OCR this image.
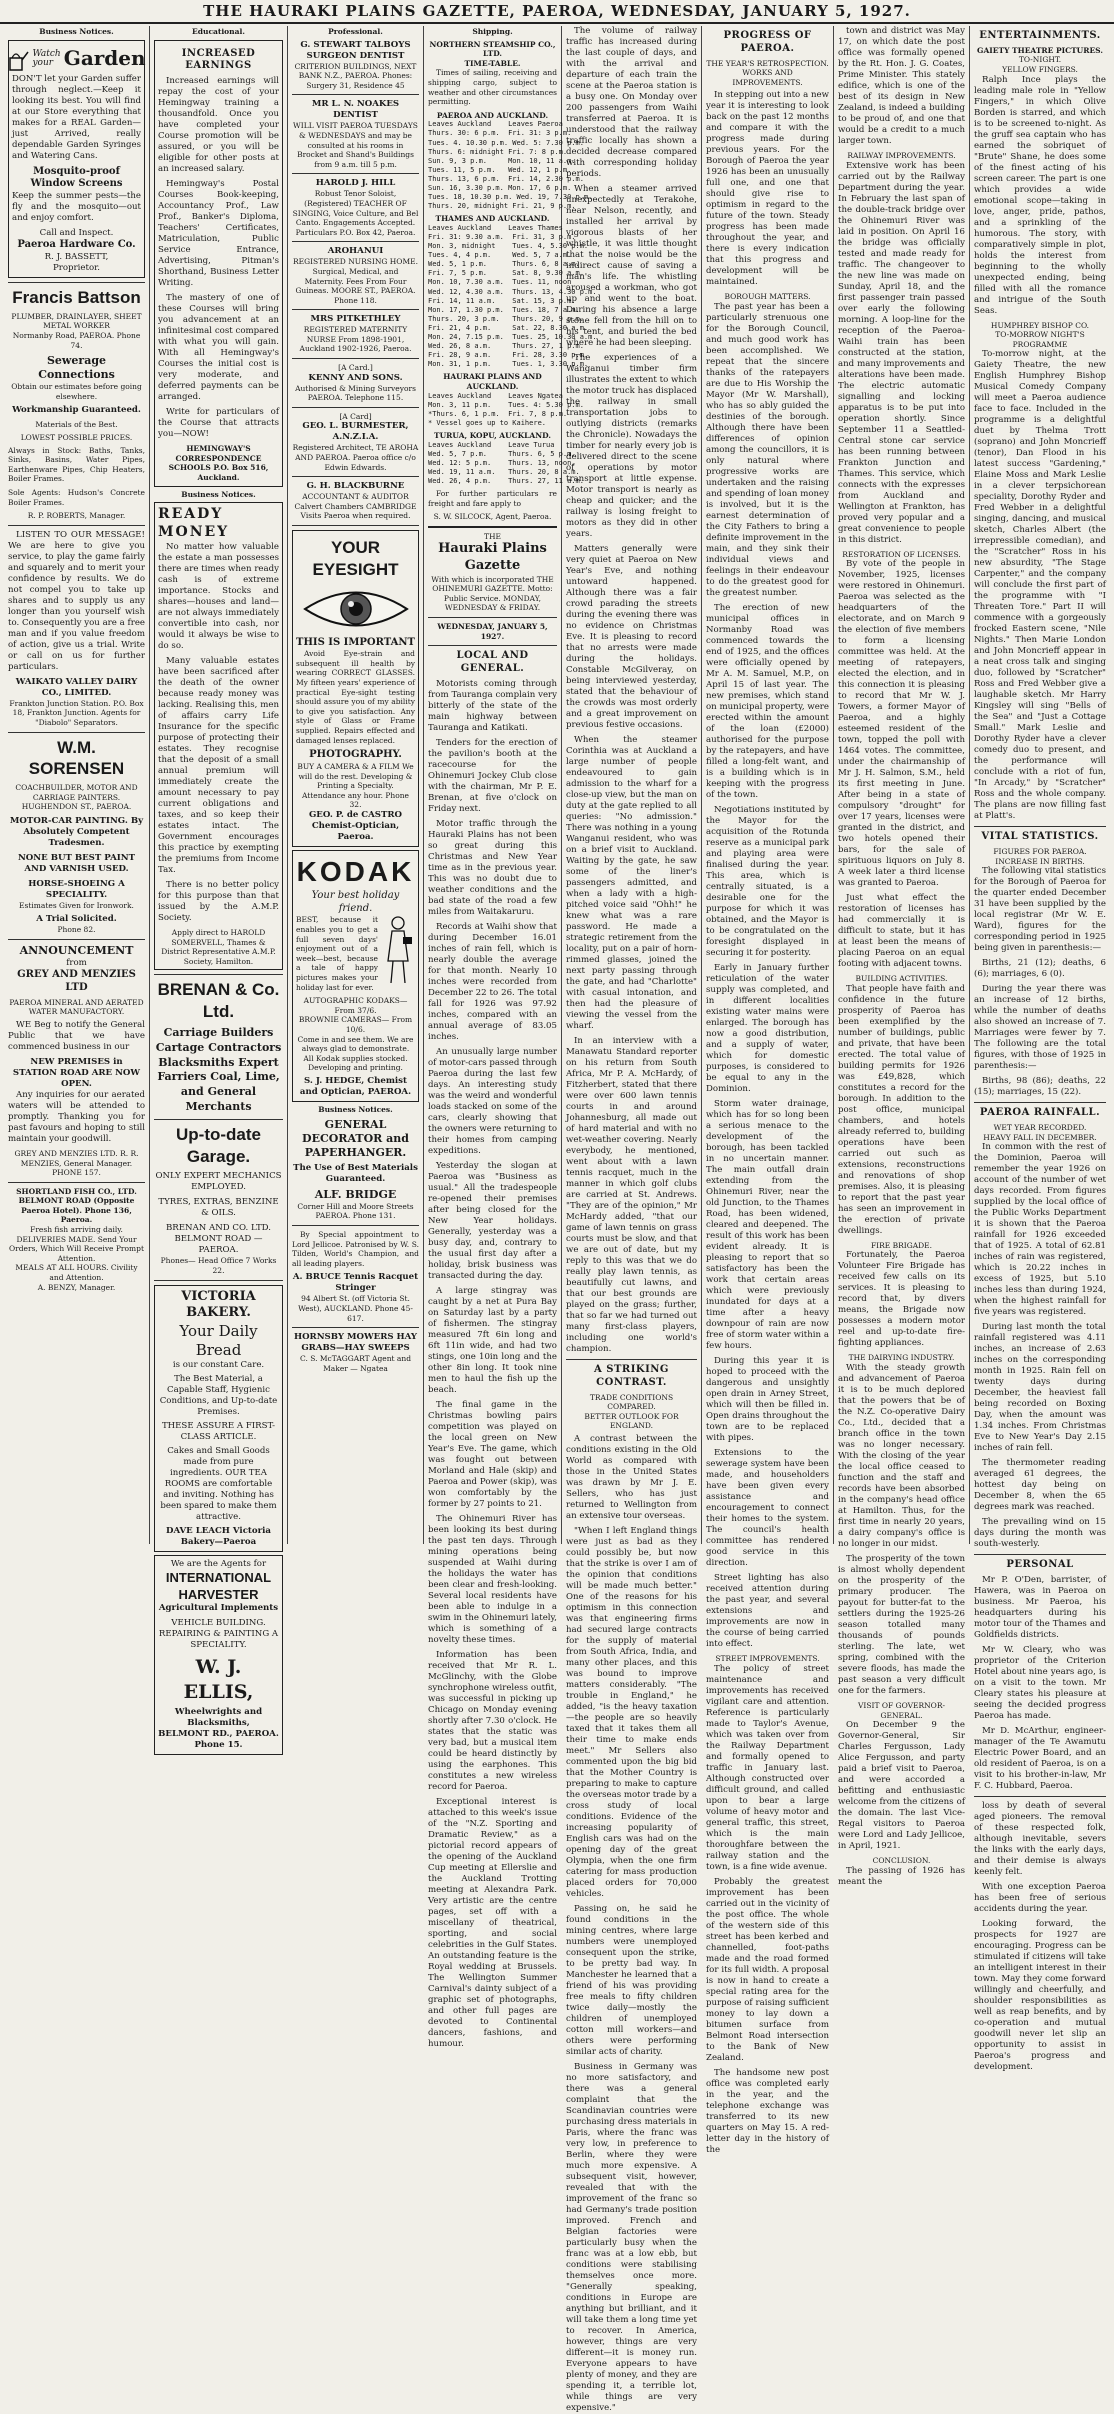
THE HAURAKI PLAINS GAZETTE, PAEROA, WEDNESDAY, JANUARY 5, 1927.
Business Notices.
Watch
your Garden

DON'T let your Garden suffer through neglect.—Keep it looking its best. You will find at our Store everything that makes for a REAL Garden—just Arrived, really dependable Garden Syringes and Watering Cans.

Mosquito-proof Window Screens

Keep the summer pests—the fly and the mosquito—out and enjoy comfort.

Call and Inspect.
Paeroa Hardware Co.
R. J. BASSETT,
Proprietor.
Francis Battson
PLUMBER, DRAINLAYER, SHEET METAL WORKER
Normanby Road, PAEROA. Phone 74.
Sewerage Connections
Obtain our estimates before going elsewhere.
Workmanship Guaranteed.
Materials of the Best.
LOWEST POSSIBLE PRICES.

Always in Stock: Baths, Tanks, Sinks, Basins, Water Pipes, Earthenware Pipes, Chip Heaters, Boiler Frames.

Sole Agents: Hudson's Concrete Boiler Frames.

R. P. ROBERTS, Manager.

LISTEN TO OUR MESSAGE! We are here to give you service, to play the game fairly and squarely and to merit your confidence by results. We do not compel you to take up shares and to supply us any longer than you yourself wish to. Consequently you are a free man and if you value freedom of action, give us a trial. Write or call on us for further particulars.

WAIKATO VALLEY DAIRY CO., LIMITED.
Frankton Junction Station. P.O. Box 18, Frankton Junction. Agents for "Diabolo" Separators.
W.M. SORENSEN
COACHBUILDER, MOTOR AND CARRIAGE PAINTERS. HUGHENDON ST., PAEROA.
MOTOR-CAR PAINTING. By Absolutely Competent Tradesmen.
NONE BUT BEST PAINT AND VARNISH USED.
HORSE-SHOEING A SPECIALITY.
Estimates Given for Ironwork.
A Trial Solicited.
Phone 82.
ANNOUNCEMENT
from
GREY AND MENZIES LTD
PAEROA MINERAL AND AERATED WATER MANUFACTORY.

WE Beg to notify the General Public that we have commenced business in our

NEW PREMISES in STATION ROAD ARE NOW OPEN.

Any inquiries for our aerated waters will be attended to promptly. Thanking you for past favours and hoping to still maintain your goodwill.

GREY AND MENZIES LTD. R. R. MENZIES, General Manager.
PHONE 157.
SHORTLAND FISH CO., LTD. BELMONT ROAD (Opposite Paeroa Hotel). Phone 136, Paeroa.
Fresh fish arriving daily. DELIVERIES MADE. Send Your Orders, Which Will Receive Prompt Attention.
MEALS AT ALL HOURS. Civility and Attention.
A. BENZY, Manager.
Educational.
INCREASED EARNINGS

Increased earnings will repay the cost of your Hemingway training a thousandfold. Once you have completed your Course promotion will be assured, or you will be eligible for other posts at an increased salary.

Hemingway's Postal Courses Book-keeping, Accountancy Prof., Law Prof., Banker's Diploma, Teachers' Certificates, Matriculation, Public Service Entrance, Advertising, Pitman's Shorthand, Business Letter Writing.

The mastery of one of these Courses will bring you advancement at an infinitesimal cost compared with what you will gain. With all Hemingway's Courses the initial cost is very moderate, and deferred payments can be arranged.

Write for particulars of the Course that attracts you—NOW!

HEMINGWAY'S CORRESPONDENCE SCHOOLS P.O. Box 516, Auckland.
Business Notices.
READY MONEY

No matter how valuable the estate a man possesses there are times when ready cash is of extreme importance. Stocks and shares—houses and land—are not always immediately convertible into cash, nor would it always be wise to do so.

Many valuable estates have been sacrificed after the death of the owner because ready money was lacking. Realising this, men of affairs carry Life Insurance for the specific purpose of protecting their estates. They recognise that the deposit of a small annual premium will immediately create the amount necessary to pay current obligations and taxes, and so keep their estates intact. The Government encourages this practice by exempting the premiums from Income Tax.

There is no better policy for this purpose than that issued by the A.M.P. Society.

Apply direct to HAROLD SOMERVELL, Thames & District Representative A.M.P. Society, Hamilton.
BRENAN & Co. Ltd.
Carriage Builders Cartage Contractors Blacksmiths Expert Farriers Coal, Lime, and General Merchants
Up-to-date Garage.
ONLY EXPERT MECHANICS EMPLOYED.
TYRES, EXTRAS, BENZINE & OILS.
BRENAN AND CO. LTD. BELMONT ROAD — PAEROA.
Phones— Head Office 7 Works 22.
VICTORIA BAKERY.
Your Daily Bread
is our constant Care.
The Best Material, a Capable Staff, Hygienic Conditions, and Up-to-date Premises.
THESE ASSURE A FIRST-CLASS ARTICLE.
Cakes and Small Goods made from pure ingredients. OUR TEA ROOMS are comfortable and inviting. Nothing has been spared to make them attractive.
DAVE LEACH Victoria Bakery—Paeroa
We are the Agents for
INTERNATIONAL HARVESTER
Agricultural Implements
VEHICLE BUILDING. REPAIRING & PAINTING A SPECIALITY.
W. J. ELLIS,
Wheelwrights and Blacksmiths,
BELMONT RD., PAEROA. Phone 15.
Professional.
G. STEWART TALBOYS SURGEON DENTIST
CRITERION BUILDINGS, NEXT BANK N.Z., PAEROA. Phones: Surgery 31, Residence 45
MR L. N. NOAKES DENTIST
WILL VISIT PAEROA TUESDAYS & WEDNESDAYS and may be consulted at his rooms in Brocket and Shand's Buildings from 9 a.m. till 5 p.m.
HAROLD J. HILL
Robust Tenor Soloist, (Registered) TEACHER OF SINGING, Voice Culture, and Bel Canto. Engagements Accepted. Particulars P.O. Box 42, Paeroa.
AROHANUI
REGISTERED NURSING HOME. Surgical, Medical, and Maternity. Fees From Four Guineas. MOORE ST., PAEROA. Phone 118.
MRS PITKETHLEY
REGISTERED MATERNITY NURSE From 1898-1901, Auckland 1902-1926, Paeroa.
[A Card.]
KENNY AND SONS.
Authorised & Mining Surveyors PAEROA. Telephone 115.
[A Card]
GEO. L. BURMESTER, A.N.Z.I.A.
Registered Architect, TE AROHA AND PAEROA. Paeroa office c/o Edwin Edwards.
G. H. BLACKBURNE
ACCOUNTANT & AUDITOR Calvert Chambers CAMBRIDGE Visits Paeroa when required.
YOUR EYESIGHT
THIS IS IMPORTANT

Avoid Eye-strain and subsequent ill health by wearing CORRECT GLASSES. My fifteen years' experience of practical Eye-sight testing should assure you of my ability to give you satisfaction. Any style of Glass or Frame supplied. Repairs effected and damaged lenses replaced.

PHOTOGRAPHY.
BUY A CAMERA & A FILM We will do the rest. Developing & Printing a Specialty. Attendance any hour. Phone 32.
GEO. P. de CASTRO Chemist-Optician, Paeroa.
KODAK
Your best holiday friend.

BEST, because it enables you to get a full seven days' enjoyment out of a week—best, because a tale of happy pictures makes your holiday last for ever.

AUTOGRAPHIC KODAKS— From 37/6.
BROWNIE CAMERAS— From 10/6.
Come in and see them. We are always glad to demonstrate. All Kodak supplies stocked. Developing and printing.
S. J. HEDGE, Chemist and Optician, PAEROA.
Business Notices.
GENERAL DECORATOR and PAPERHANGER.
The Use of Best Materials Guaranteed.
ALF. BRIDGE
Corner Hill and Moore Streets PAEROA. Phone 131.

By Special appointment to Lord Jellicoe. Patronised by W. S. Tilden, World's Champion, and all leading players.

A. BRUCE Tennis Racquet Stringer
94 Albert St. (off Victoria St. West), AUCKLAND. Phone 45-617.
HORNSBY MOWERS HAY GRABS—HAY SWEEPS
C. S. McTAGGART Agent and Maker — Ngatea
Shipping.
NORTHERN STEAMSHIP CO., LTD.
TIME-TABLE.

Times of sailing, receiving and shipping cargo, subject to weather and other circumstances permitting.

PAEROA AND AUCKLAND.
Leaves Auckland    Leaves Paeroa
Thurs. 30: 6 p.m.  Fri. 31: 3 p.m.
Tues. 4. 10.30 p.m. Wed. 5: 7.30 p.m.
Thurs. 6: midnight Fri. 7: 8 p.m.
Sun. 9, 3 p.m.     Mon. 10, 11 a.m.
Tues. 11, 5 p.m.   Wed. 12, 1 p.m.
Thurs. 13, 6 p.m.  Fri. 14, 2.30 p.m.
Sun. 16, 3.30 p.m. Mon. 17, 6 p.m.
Tues. 18, 10.30 p.m. Wed. 19, 7.30 p.m.
Thurs. 20, midnight Fri. 21, 9 p.m.
THAMES AND AUCKLAND.
Leaves Auckland    Leaves Thames
Fri. 31: 9.30 a.m.  Fri. 31, 3 p.m.
Mon. 3, midnight    Tues. 4, 5.30 p.m.
Tues. 4, 4 p.m.     Wed. 5, 7 a.m.
Wed. 5, 1 p.m.      Thurs. 6, 8 a.m.
Fri. 7, 5 p.m.      Sat. 8, 9.30 a.m.
Mon. 10, 7.30 a.m.  Tues. 11, noon
Wed. 12, 4.30 a.m.  Thurs. 13, 4.30 p.m.
Fri. 14, 11 a.m.    Sat. 15, 3 p.m.
Mon. 17, 1.30 p.m.  Tues. 18, 7 a.m.
Thurs. 20, 3 p.m.   Thurs. 20, 9 p.m.
Fri. 21, 4 p.m.     Sat. 22, 8.30 a.m.
Mon. 24, 7.15 p.m.  Tues. 25, 10.30 a.m.
Wed. 26, 8 a.m.     Thurs. 27, 1 p.m.
Fri. 28, 9 a.m.     Fri. 28, 3.30 p.m.
Mon. 31, 1 p.m.     Tues. 1, 3.30 p.m.
HAURAKI PLAINS AND AUCKLAND.
Leaves Auckland    Leaves Ngatea
Mon. 3, 11 p.m.    Tues. 4: 5.30 p.m.
*Thurs. 6, 1 p.m.  Fri. 7, 8 p.m.
* Vessel goes up to Kaihere.
TURUA, KOPU, AUCKLAND.
Leaves Auckland    Leave Turua
Wed. 5, 7 p.m.     Thurs. 6, 5 p.m.
Wed. 12: 5 p.m.    Thurs. 13, noon.
Wed. 19, 11 a.m.   Thurs. 20, 8 a.m.
Wed. 26, 4 p.m.    Thurs. 27, 11 a.m.

For further particulars re freight and fare apply to

S. W. SILCOCK, Agent, Paeroa.
THE
Hauraki Plains Gazette
With which is incorporated THE OHINEMURI GAZETTE. Motto: Public Service. MONDAY, WEDNESDAY & FRIDAY.
WEDNESDAY, JANUARY 5, 1927.
LOCAL AND GENERAL.

Motorists coming through from Tauranga complain very bitterly of the state of the main highway between Tauranga and Katikati.

Tenders for the erection of the pavilion's booth at the racecourse for the Ohinemuri Jockey Club close with the chairman, Mr P. E. Brenan, at five o'clock on Friday next.

Motor traffic through the Hauraki Plains has not been so great during this Christmas and New Year time as in the previous year. This was no doubt due to weather conditions and the bad state of the road a few miles from Waitakaruru.

Records at Waihi show that during December 16.01 inches of rain fell, which is nearly double the average for that month. Nearly 10 inches were recorded from December 22 to 26. The total fall for 1926 was 97.92 inches, compared with an annual average of 83.05 inches.

An unusually large number of motor-cars passed through Paeroa during the last few days. An interesting study was the weird and wonderful loads stacked on some of the cars, clearly showing that the owners were returning to their homes from camping expeditions.

Yesterday the slogan at Paeroa was "Business as usual." All the tradespeople re-opened their premises after being closed for the New Year holidays. Generally, yesterday was a busy day, and, contrary to the usual first day after a holiday, brisk business was transacted during the day.

A large stingray was caught by a net at Pura Bay on Saturday last by a party of fishermen. The stingray measured 7ft 6in long and 6ft 11in wide, and had two stings, one 10in long and the other 8in long. It took nine men to haul the fish up the beach.

The final game in the Christmas bowling pairs competition was played on the local green on New Year's Eve. The game, which was fought out between Morland and Hale (skip) and Paeroa and Power (skip), was won comfortably by the former by 27 points to 21.

The Ohinemuri River has been looking its best during the past ten days. Through mining operations being suspended at Waihi during the holidays the water has been clear and fresh-looking. Several local residents have been able to indulge in a swim in the Ohinemuri lately, which is something of a novelty these times.

Information has been received that Mr R. L. McGlinchy, with the Globe synchrophone wireless outfit, was successful in picking up Chicago on Monday evening shortly after 7.30 o'clock. He states that the static was very bad, but a musical item could be heard distinctly by using the earphones. This constitutes a new wireless record for Paeroa.

Exceptional interest is attached to this week's issue of the "N.Z. Sporting and Dramatic Review," as a pictorial record appears of the opening of the Auckland Cup meeting at Ellerslie and the Auckland Trotting meeting at Alexandra Park. Very artistic are the centre pages, set off with a miscellany of theatrical, sporting, and social celebrities in the Gulf States. An outstanding feature is the Royal wedding at Brussels. The Wellington Summer Carnival's dainty subject of a graphic set of photographs, and other full pages are devoted to Continental dancers, fashions, and humour.

The volume of railway traffic has increased during the last couple of days, and with the arrival and departure of each train the scene at the Paeroa station is a busy one. On Monday over 200 passengers from Waihi transferred at Paeroa. It is understood that the railway traffic locally has shown a decided decrease compared with corresponding holiday periods.

When a steamer arrived unexpectedly at Terakohe, near Nelson, recently, and installed her arrival by vigorous blasts of her whistle, it was little thought that the noise would be the indirect cause of saving a man's life. The whistling aroused a workman, who got up and went to the boat. During his absence a large stone fell from the hill on to his tent, and buried the bed where he had been sleeping.

The experiences of a Wanganui timber firm illustrates the extent to which the motor truck has displaced the railway in small transportation jobs to outlying districts (remarks the Chronicle). Nowadays the timber for nearly every job is delivered direct to the scene of operations by motor transport at little expense. Motor transport is nearly as cheap and quicker; and the railway is losing freight to motors as they did in other years.

Matters generally were very quiet at Paeroa on New Year's Eve, and nothing untoward happened. Although there was a fair crowd parading the streets during the evening there was no evidence on Christmas Eve. It is pleasing to record that no arrests were made during the holidays. Constable McGilveray, on being interviewed yesterday, stated that the behaviour of the crowds was most orderly and a great improvement on previous festive occasions.

When the steamer Corinthia was at Auckland a large number of people endeavoured to gain admission to the wharf for a close-up view, but the man on duty at the gate replied to all queries: "No admission." There was nothing in a young Wanganui resident, who was on a brief visit to Auckland. Waiting by the gate, he saw some of the liner's passengers admitted, and when a lady with a high-pitched voice said "Ohh!" he knew what was a rare password. He made a strategic retirement from the locality, put on a pair of horn-rimmed glasses, joined the next party passing through the gate, and had "Charlotte" with casual intonation, and then had the pleasure of viewing the vessel from the wharf.

In an interview with a Manawatu Standard reporter on his return from South Africa, Mr P. A. McHardy, of Fitzherbert, stated that there were over 600 lawn tennis courts in and around Johannesburg, all made out of hard material and with no wet-weather covering. Nearly everybody, he mentioned, went about with a lawn tennis racquet, much in the manner in which golf clubs are carried at St. Andrews. "They are of the opinion," Mr McHardy added, "that our game of lawn tennis on grass courts must be slow, and that we are out of date, but my reply to this was that we do really play lawn tennis, as beautifully cut lawns, and that our best grounds are played on the grass; further, that so far we had turned out many first-class players, including one world's champion.

A STRIKING CONTRAST.
TRADE CONDITIONS COMPARED.
BETTER OUTLOOK FOR ENGLAND.

A contrast between the conditions existing in the Old World as compared with those in the United States was drawn by Mr J. E. Sellers, who has just returned to Wellington from an extensive tour overseas.

"When I left England things were just as bad as they could possibly be, but now that the strike is over I am of the opinion that conditions will be made much better." One of the reasons for his optimism in this connection was that engineering firms had secured large contracts for the supply of material from South Africa, India, and many other places, and this was bound to improve matters considerably. "The trouble in England," he added, "is the heavy taxation—the people are so heavily taxed that it takes them all their time to make ends meet." Mr Sellers also commented upon the big bid that the Mother Country is preparing to make to capture the overseas motor trade by a cross study of local conditions. Evidence of the increasing popularity of English cars was had on the opening day of the great Olympia, when the one firm catering for mass production placed orders for 70,000 vehicles.

Passing on, he said he found conditions in the mining centres, where large numbers were unemployed consequent upon the strike, to be pretty bad way. In Manchester he learned that a friend of his was providing free meals to fifty children twice daily—mostly the children of unemployed cotton mill workers—and others were performing similar acts of charity.

Business in Germany was no more satisfactory, and there was a general complaint that the Scandinavian countries were purchasing dress materials in Paris, where the franc was very low, in preference to Berlin, where they were much more expensive. A subsequent visit, however, revealed that with the improvement of the franc so had Germany's trade position improved. French and Belgian factories were particularly busy when the franc was at a low ebb, but conditions were stabilising themselves once more. "Generally speaking, conditions in Europe are anything but brilliant, and it will take them a long time yet to recover. In America, however, things are very different—it is money run. Everyone appears to have plenty of money, and they are spending it, a terrible lot, while things are very expensive."

PROGRESS OF PAEROA.
THE YEAR'S RETROSPECTION.
WORKS AND IMPROVEMENTS.

In stepping out into a new year it is interesting to look back on the past 12 months and compare it with the progress made during previous years. For the Borough of Paeroa the year 1926 has been an unusually full one, and one that should give rise to optimism in regard to the future of the town. Steady progress has been made throughout the year, and there is every indication that this progress and development will be maintained.

BOROUGH MATTERS.

The past year has been a particularly strenuous one for the Borough Council, and much good work has been accomplished. We repeat that the sincere thanks of the ratepayers are due to His Worship the Mayor (Mr W. Marshall), who has so ably guided the destinies of the borough. Although there have been differences of opinion among the councillors, it is only natural where progressive works are undertaken and the raising and spending of loan money is involved, but it is the earnest determination of the City Fathers to bring a definite improvement in the main, and they sink their individual views and feelings in their endeavour to do the greatest good for the greatest number.

The erection of new municipal offices in Normanby Road was commenced towards the end of 1925, and the offices were officially opened by Mr A. M. Samuel, M.P., on April 15 of last year. The new premises, which stand on municipal property, were erected within the amount of the loan (£2000) authorised for the purpose by the ratepayers, and have filled a long-felt want, and is a building which is in keeping with the progress of the town.

Negotiations instituted by the Mayor for the acquisition of the Rotunda reserve as a municipal park and playing area were finalised during the year. This area, which is centrally situated, is a desirable one for the purpose for which it was obtained, and the Mayor is to be congratulated on the foresight displayed in securing it for posterity.

Early in January further reticulation of the water supply was completed, and in different localities existing water mains were enlarged. The borough has now a good distribution, and a supply of water, which for domestic purposes, is considered to be equal to any in the Dominion.

Storm water drainage, which has for so long been a serious menace to the development of the borough, has been tackled in no uncertain manner. The main outfall drain extending from the Ohinemuri River, near the old Junction, to the Thames Road, has been widened, cleared and deepened. The result of this work has been evident already. It is pleasing to report that so satisfactory has been the work that certain areas which were previously inundated for days at a time after a heavy downpour of rain are now free of storm water within a few hours.

During this year it is hoped to proceed with the dangerous and unsightly open drain in Arney Street, which will then be filled in. Open drains throughout the town are to be replaced with pipes.

Extensions to the sewerage system have been made, and householders have been given every assistance and encouragement to connect their homes to the system. The council's health committee has rendered good service in this direction.

Street lighting has also received attention during the past year, and several extensions and improvements are now in the course of being carried into effect.

STREET IMPROVEMENTS.

The policy of street maintenance and improvements has received vigilant care and attention. Reference is particularly made to Taylor's Avenue, which was taken over from the Railway Department and formally opened to traffic in January last. Although constructed over difficult ground, and called upon to bear a large volume of heavy motor and general traffic, this street, which is the main thoroughfare between the railway station and the town, is a fine wide avenue.

Probably the greatest improvement has been carried out in the vicinity of the post office. The whole of the western side of this street has been kerbed and channelled, foot-paths made and the road formed for its full width. A proposal is now in hand to create a special rating area for the purpose of raising sufficient money to lay down a bitumen surface from Belmont Road intersection to the Bank of New Zealand.

The handsome new post office was completed early in the year, and the telephone exchange was transferred to its new quarters on May 15. A red-letter day in the history of the

town and district was May 17, on which date the post office was formally opened by the Rt. Hon. J. G. Coates, Prime Minister. This stately edifice, which is one of the best of its design in New Zealand, is indeed a building to be proud of, and one that would be a credit to a much larger town.

RAILWAY IMPROVEMENTS.

Extensive work has been carried out by the Railway Department during the year. In February the last span of the double-track bridge over the Ohinemuri River was laid in position. On April 16 the bridge was officially tested and made ready for traffic. The changeover to the new line was made on Sunday, April 18, and the first passenger train passed over early the following morning. A loop-line for the reception of the Paeroa-Waihi train has been constructed at the station, and many improvements and alterations have been made. The electric automatic signalling and locking apparatus is to be put into operation shortly. Since September 11 a Seattled-Central stone car service has been running between Frankton Junction and Thames. This service, which connects with the expresses from Auckland and Wellington at Frankton, has proved very popular and a great convenience to people in this district.

RESTORATION OF LICENSES.

By vote of the people in November, 1925, licenses were restored in Ohinemuri. Paeroa was selected as the headquarters of the electorate, and on March 9 the election of five members to form a licensing committee was held. At the meeting of ratepayers, elected the election, and in this connection it is pleasing to record that Mr W. J. Towers, a former Mayor of Paeroa, and a highly esteemed resident of the town, topped the poll with 1464 votes. The committee, under the chairmanship of Mr J. H. Salmon, S.M., held its first meeting in June. After being in a state of compulsory "drought" for over 17 years, licenses were granted in the district, and two hotels opened their bars, for the sale of spirituous liquors on July 8. A week later a third license was granted to Paeroa.

Just what effect the restoration of licenses has had commercially it is difficult to state, but it has at least been the means of placing Paeroa on an equal footing with adjacent towns.

BUILDING ACTIVITIES.

That people have faith and confidence in the future prosperity of Paeroa has been exemplified by the number of buildings, public and private, that have been erected. The total value of building permits for 1926 was £49,828, which constitutes a record for the borough. In addition to the post office, municipal chambers, and hotels already referred to, building operations have been carried out such as extensions, reconstructions and renovations of shop premises. Also, it is pleasing to report that the past year has seen an improvement in the erection of private dwellings.

FIRE BRIGADE.

Fortunately, the Paeroa Volunteer Fire Brigade has received few calls on its services. It is pleasing to record that, by divers means, the Brigade now possesses a modern motor reel and up-to-date fire-fighting appliances.

THE DAIRYING INDUSTRY.

With the steady growth and advancement of Paeroa it is to be much deplored that the powers that be of the N.Z. Co-operative Dairy Co., Ltd., decided that a branch office in the town was no longer necessary. With the closing of the year the local office ceased to function and the staff and records have been absorbed in the company's head office at Hamilton. Thus, for the first time in nearly 20 years, a dairy company's office is no longer in our midst.

The prosperity of the town is almost wholly dependent on the prosperity of the primary producer. The payout for butter-fat to the settlers during the 1925-26 season totalled many thousands of pounds sterling. The late, wet spring, combined with the severe floods, has made the past season a very difficult one for the farmers.

VISIT OF GOVERNOR-GENERAL.

On December 9 the Governor-General, Sir Charles Fergusson, Lady Alice Fergusson, and party paid a brief visit to Paeroa, and were accorded a befitting and enthusiastic welcome from the citizens of the domain. The last Vice-Regal visitors to Paeroa were Lord and Lady Jellicoe, in April, 1921.

CONCLUSION.

The passing of 1926 has meant the

ENTERTAINMENTS.
GAIETY THEATRE PICTURES.
TO-NIGHT.
YELLOW FINGERS.

Ralph Ince plays the leading male role in "Yellow Fingers," in which Olive Borden is starred, and which is to be screened to-night. As the gruff sea captain who has earned the sobriquet of "Brute" Shane, he does some of the finest acting of his screen career. The part is one which provides a wide emotional scope—taking in love, anger, pride, pathos, and a sprinkling of the humorous. The story, with comparatively simple in plot, holds the interest from beginning to the wholly unexpected ending, being filled with all the romance and intrigue of the South Seas.

HUMPHREY BISHOP CO.
TO-MORROW NIGHT'S PROGRAMME

To-morrow night, at the Gaiety Theatre, the new English Humphrey Bishop Musical Comedy Company will meet a Paeroa audience face to face. Included in the programme is a delightful duet by Thelma Trott (soprano) and John Moncrieff (tenor), Dan Flood in his latest success "Gardening," Elaine Moss and Mark Leslie in a clever terpsichorean speciality, Dorothy Ryder and Fred Webber in a delightful singing, dancing, and musical sketch, Charles Albert (the irrepressible comedian), and the "Scratcher" Ross in his new absurdity, "The Stage Carpenter," and the company will conclude the first part of the programme with "I Threaten Tore." Part II will commence with a gorgeously frocked Eastern scene, "Nile Nights." Then Marie London and John Moncrieff appear in a neat cross talk and singing duo, followed by "Scratcher" Ross and Fred Webber give a laughable sketch. Mr Harry Kingsley will sing "Bells of the Sea" and "Just a Cottage Small." Mark Leslie and Dorothy Ryder have a clever comedy duo to present, and the performance will conclude with a riot of fun, "In Arcady," by "Scratcher" Ross and the whole company. The plans are now filling fast at Platt's.

VITAL STATISTICS.
FIGURES FOR PAEROA.
INCREASE IN BIRTHS.

The following vital statistics for the Borough of Paeroa for the quarter ended December 31 have been supplied by the local registrar (Mr W. E. Ward), figures for the corresponding period in 1925 being given in parenthesis:—

Births, 21 (12); deaths, 6 (6); marriages, 6 (0).

During the year there was an increase of 12 births, while the number of deaths also showed an increase of 7. Marriages were fewer by 7. The following are the total figures, with those of 1925 in parenthesis:—

Births, 98 (86); deaths, 22 (15); marriages, 15 (22).

PAEROA RAINFALL.
WET YEAR RECORDED.
HEAVY FALL IN DECEMBER.

In common with the rest of the Dominion, Paeroa will remember the year 1926 on account of the number of wet days recorded. From figures supplied by the local office of the Public Works Department it is shown that the Paeroa rainfall for 1926 exceeded that of 1925. A total of 62.81 inches of rain was registered, which is 20.22 inches in excess of 1925, but 5.10 inches less than during 1924, when the highest rainfall for five years was registered.

During last month the total rainfall registered was 4.11 inches, an increase of 2.63 inches on the corresponding month in 1925. Rain fell on twenty days during December, the heaviest fall being recorded on Boxing Day, when the amount was 1.34 inches. From Christmas Eve to New Year's Day 2.15 inches of rain fell.

The thermometer reading averaged 61 degrees, the hottest day being on December 8, when the 65 degrees mark was reached.

The prevailing wind on 15 days during the month was south-westerly.

PERSONAL

Mr P. O'Den, barrister, of Hawera, was in Paeroa on business. Mr Paeroa, his headquarters during his motor tour of the Thames and Goldfields districts.

Mr W. Cleary, who was proprietor of the Criterion Hotel about nine years ago, is on a visit to the town. Mr Cleary states his pleasure at seeing the decided progress Paeroa has made.

Mr D. McArthur, engineer-manager of the Te Awamutu Electric Power Board, and an old resident of Paeroa, is on a visit to his brother-in-law, Mr F. C. Hubbard, Paeroa.

loss by death of several aged pioneers. The removal of these respected folk, although inevitable, severs the links with the early days, and their demise is always keenly felt.

With one exception Paeroa has been free of serious accidents during the year.

Looking forward, the prospects for 1927 are encouraging. Progress can be stimulated if citizens will take an intelligent interest in their town. May they come forward willingly and cheerfully, and shoulder responsibilities as well as reap benefits, and by co-operation and mutual goodwill never let slip an opportunity to assist in Paeroa's progress and development.
